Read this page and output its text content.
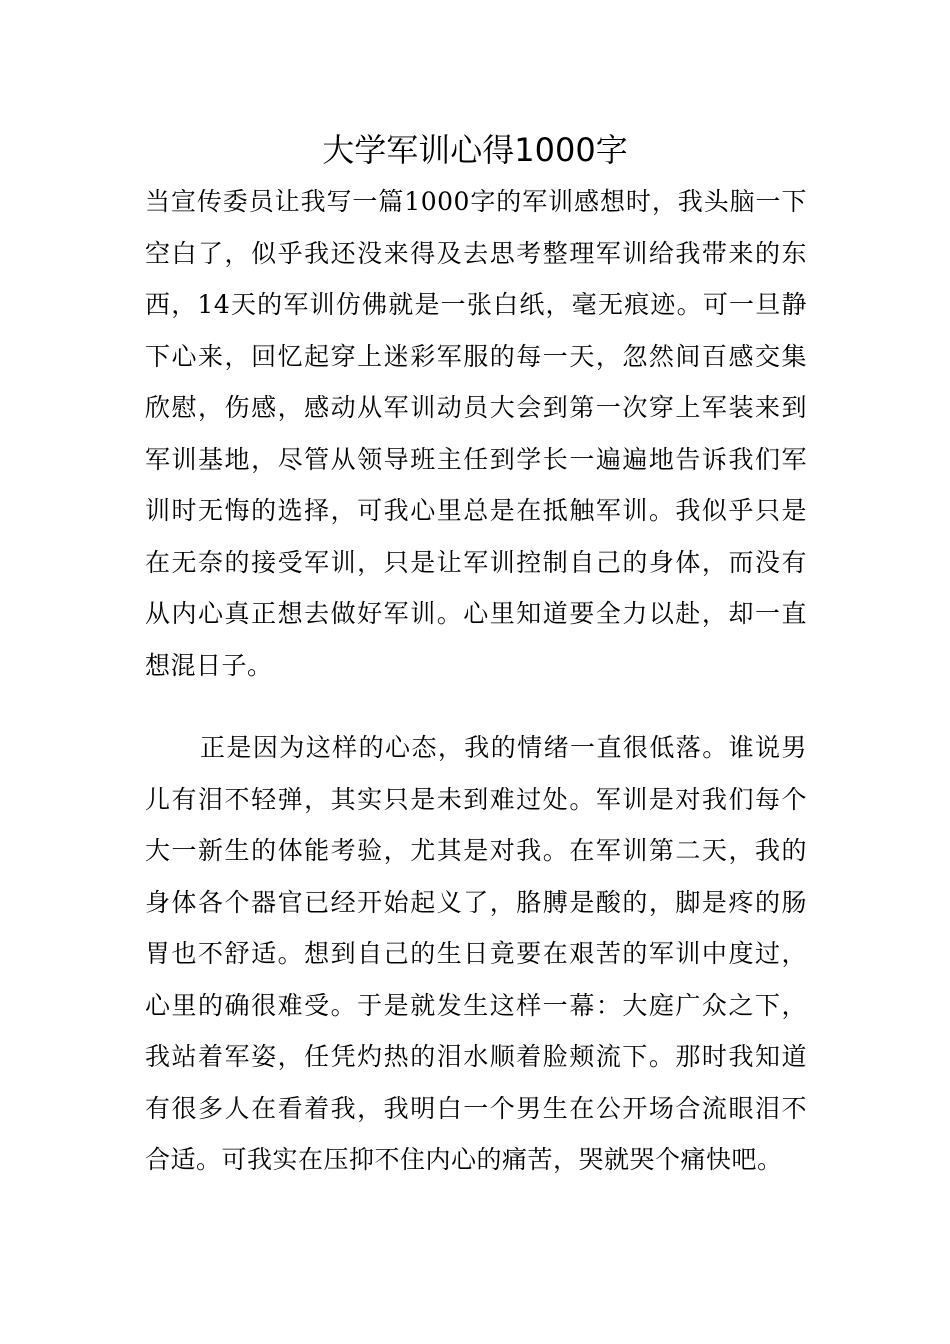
大学军训心得1000字

当宣传委员让我写一篇1000字的军训感想时，我头脑一下空白了，似乎我还没来得及去思考整理军训给我带来的东西，14天的军训仿佛就是一张白纸，毫无痕迹。可一旦静下心来，回忆起穿上迷彩军服的每一天，忽然间百感交集欣慰，伤感，感动从军训动员大会到第一次穿上军装来到军训基地，尽管从领导班主任到学长一遍遍地告诉我们军训时无悔的选择，可我心里总是在抵触军训。我似乎只是在无奈的接受军训，只是让军训控制自己的身体，而没有从内心真正想去做好军训。心里知道要全力以赴，却一直想混日子。

正是因为这样的心态，我的情绪一直很低落。谁说男儿有泪不轻弹，其实只是未到难过处。军训是对我们每个大一新生的体能考验，尤其是对我。在军训第二天，我的身体各个器官已经开始起义了，胳膊是酸的，脚是疼的肠胃也不舒适。想到自己的生日竟要在艰苦的军训中度过，心里的确很难受。于是就发生这样一幕：大庭广众之下，我站着军姿，任凭灼热的泪水顺着脸颊流下。那时我知道有很多人在看着我，我明白一个男生在公开场合流眼泪不合适。可我实在压抑不住内心的痛苦，哭就哭个痛快吧。
